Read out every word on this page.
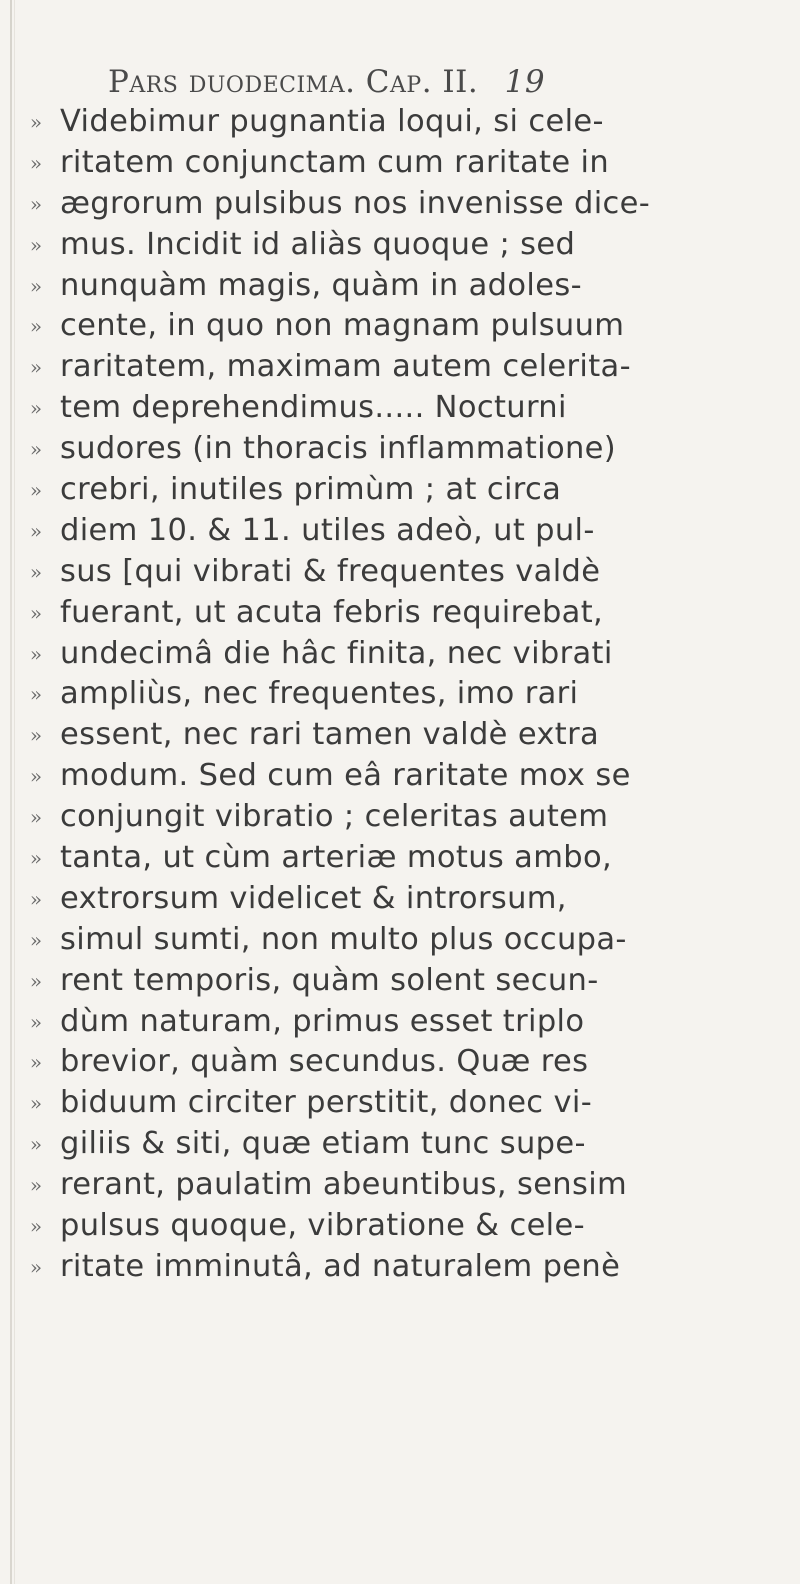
Pars duodecima. Cap. II. 19
» Videbimur pugnantia loqui, si cele-
» ritatem conjunctam cum raritate in
» ægrorum pulsibus nos invenisse dice-
» mus. Incidit id aliàs quoque ; sed
» nunquàm magis, quàm in adoles-
» cente, in quo non magnam pulsuum
» raritatem, maximam autem celerita-
» tem deprehendimus..... Nocturni
» sudores (in thoracis inflammatione)
» crebri, inutiles primùm ; at circa
» diem 10. & 11. utiles adeò, ut pul-
» sus [qui vibrati & frequentes valdè
» fuerant, ut acuta febris requirebat,
» undecimâ die hâc finita, nec vibrati
» ampliùs, nec frequentes, imo rari
» essent, nec rari tamen valdè extra
» modum. Sed cum eâ raritate mox se
» conjungit vibratio ; celeritas autem
» tanta, ut cùm arteriæ motus ambo,
» extrorsum videlicet & introrsum,
» simul sumti, non multo plus occupa-
» rent temporis, quàm solent secun-
» dùm naturam, primus esset triplo
» brevior, quàm secundus. Quæ res
» biduum circiter perstitit, donec vi-
» giliis & siti, quæ etiam tunc supe-
» rerant, paulatim abeuntibus, sensim
» pulsus quoque, vibratione & cele-
» ritate imminutâ, ad naturalem penè
